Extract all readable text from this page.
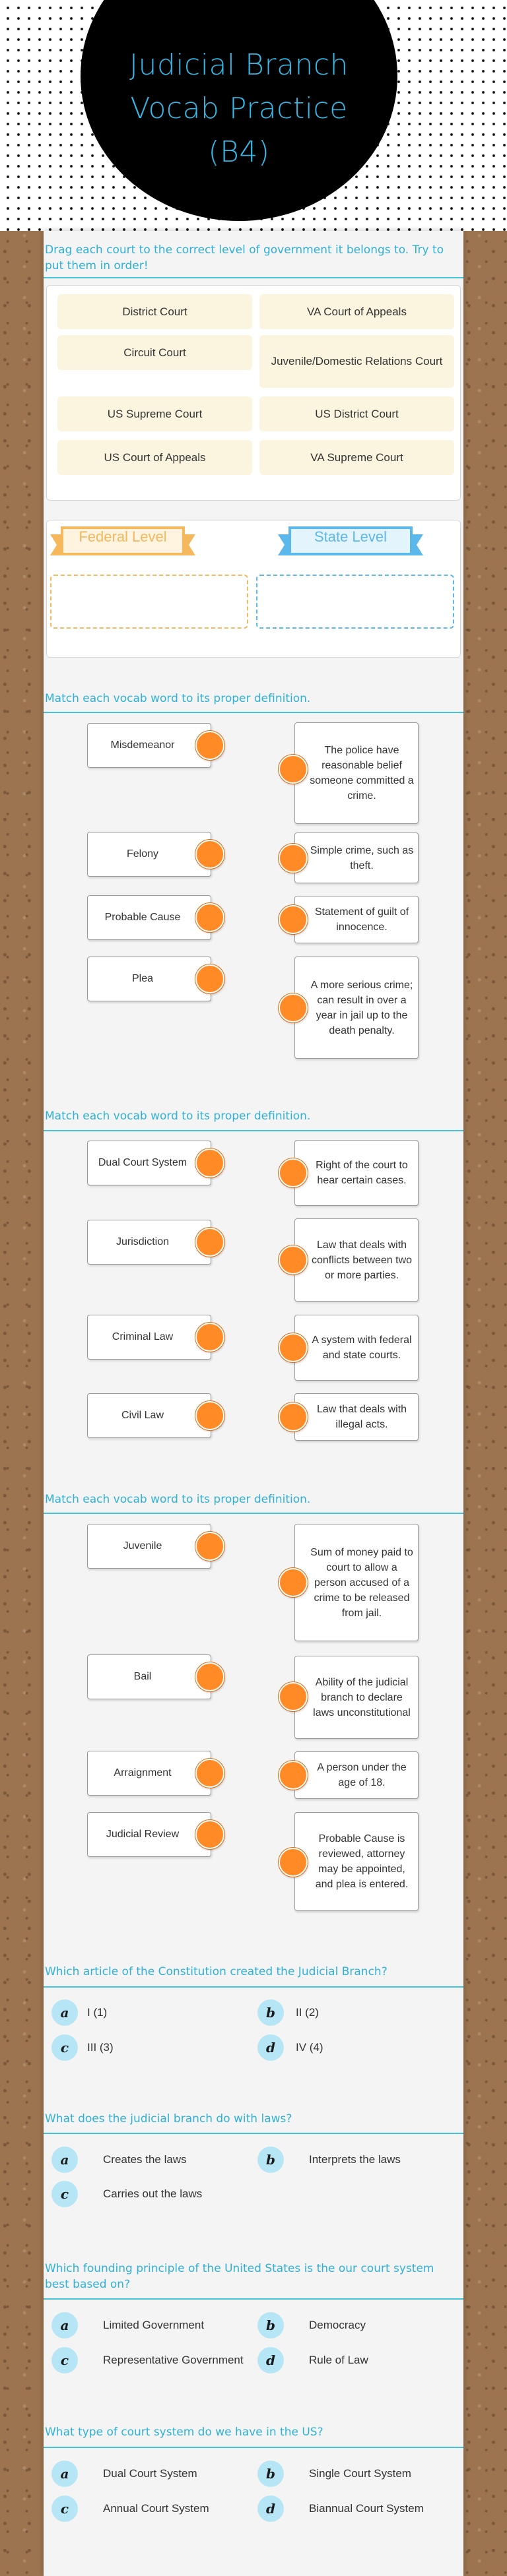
Judicial Branch
Vocab Practice
(B4)
Drag each court to the correct level of government it belongs to. Try to put them in order!
District Court	VA Court of Appeals
Circuit Court
Juvenile/Domestic Relations Court
US Supreme Court	US District Court
US Court of Appeals	VA Supreme Court
Federal Level	State Level
Match each vocab word to its proper definition.
Misdemeanor
Felony
Probable Cause
Plea
The police have reasonable belief someone committed a crime.
Simple crime, such as theft.
Statement of guilt of innocence.
A more serious crime; can result in over a year in jail up to the death penalty.
Match each vocab word to its proper definition.
Dual Court System
Jurisdiction
Criminal Law
Civil Law
Right of the court to hear certain cases.
Law that deals with conflicts between two or more parties.
A system with federal and state courts.
Law that deals with illegal acts.
Match each vocab word to its proper definition.
Juvenile
Bail
Arraignment
Judicial Review
Sum of money paid to court to allow a person accused of a crime to be released from jail.
Ability of the judicial branch to declare laws unconstitutional
A person under the age of 18.
Probable Cause is reviewed, attorney may be appointed, and plea is entered.
Which article of the Constitution created the Judicial Branch?
a	I (1)	b	II (2)
c	III (3)	d	IV (4)
What does the judicial branch do with laws?
a	Creates the laws	b	Interprets the laws
c	Carries out the laws
Which founding principle of the United States is the our court system best based on?
a	Limited Government	b	Democracy
c	Representative Government	d	Rule of Law
What type of court system do we have in the US?
a	Dual Court System	b	Single Court System
c	Annual Court System	d	Biannual Court System
